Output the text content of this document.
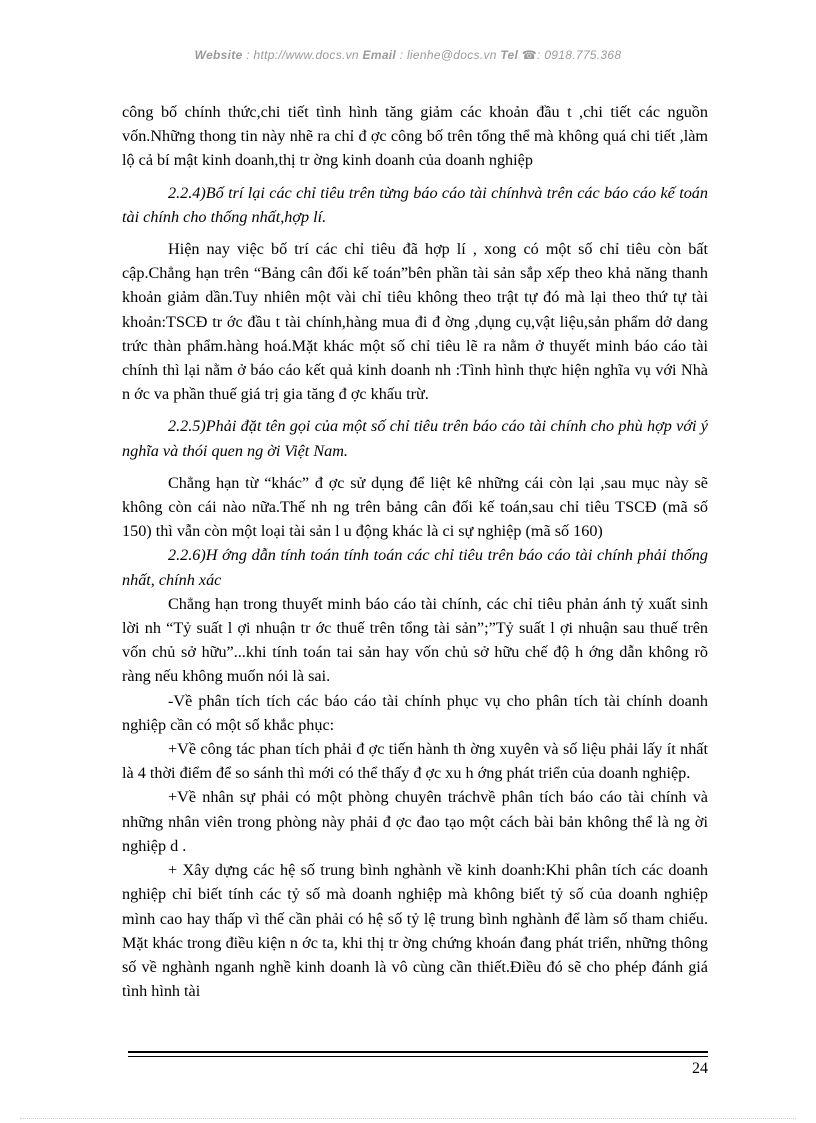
Website : http://www.docs.vn Email : lienhe@docs.vn Tel ☎: 0918.775.368

công bố chính thức,chi tiết tình hình tăng giảm các khoản đầu t ,chi tiết các nguồn vốn.Những thong tin này nhẽ ra chỉ đ ợc công bố trên tổng thể mà không quá chi tiết ,làm lộ cả bí mật kinh doanh,thị tr ờng kinh doanh của doanh nghiệp

2.2.4)Bố trí lại các chỉ tiêu trên từng báo cáo tài chínhvà trên các báo cáo kế toán tài chính cho thống nhất,hợp lí.

Hiện nay việc bố trí các chỉ tiêu đã hợp lí , xong có một số chỉ tiêu còn bất cập.Chẳng hạn trên “Bảng cân đối kế toán”bên phần tài sản sắp xếp theo khả năng thanh khoản giảm dần.Tuy nhiên một vài chỉ tiêu không theo trật tự đó mà lại theo thứ tự tài khoản:TSCĐ tr ớc đầu t tài chính,hàng mua đi đ ờng ,dụng cụ,vật liệu,sản phẩm dở dang trức thàn phẩm.hàng hoá.Mặt khác một số chỉ tiêu lẽ ra nằm ở thuyết minh báo cáo tài chính thì lại nằm ở báo cáo kết quả kinh doanh nh :Tình hình thực hiện nghĩa vụ với Nhà n ớc va phần thuế giá trị gia tăng đ ợc khấu trừ.

2.2.5)Phải đặt tên gọi của một số chỉ tiêu trên báo cáo tài chính cho phù hợp với ý nghĩa và thói quen ng ời Việt Nam.

Chẳng hạn từ “khác” đ ợc sử dụng để liệt kê những cái còn lại ,sau mục này sẽ không còn cái nào nữa.Thế nh ng trên bảng cân đối kế toán,sau chỉ tiêu TSCĐ (mã số 150) thì vẫn còn một loại tài sản l u động khác là ci sự nghiệp (mã số 160)

2.2.6)H ớng dẫn tính toán tính toán các chỉ tiêu trên báo cáo tài chính phải thống nhất, chính xác

Chẳng hạn trong thuyết minh báo cáo tài chính, các chỉ tiêu phản ánh tỷ xuất sinh lời nh “Tỷ suất l ợi nhuận tr ớc thuế trên tổng tài sản”;”Tỷ suất l ợi nhuận sau thuế trên vốn chủ sở hữu”...khi tính toán tai sản hay vốn chủ sở hữu chế độ h ớng dẫn không rõ ràng nếu không muốn nói là sai.

-Về phân tích tích các báo cáo tài chính phục vụ cho phân tích tài chính doanh nghiệp cần có một số khắc phục:

+Về công tác phan tích phải đ ợc tiến hành th ờng xuyên và số liệu phải lấy ít nhất là 4 thời điểm để so sánh thì mới có thể thấy đ ợc xu h ớng phát triển của doanh nghiệp.

+Về nhân sự phải có một phòng chuyên tráchvề phân tích báo cáo tài chính và những nhân viên trong phòng này phải đ ợc đao tạo một cách bài bản không thể là ng ời nghiệp d .

+ Xây dựng các hệ số trung bình nghành về kinh doanh:Khi phân tích các doanh nghiệp chỉ biết tính các tỷ số mà doanh nghiệp mà không biết tỷ số của doanh nghiệp mình cao hay thấp vì thế cần phải có hệ số tỷ lệ trung bình nghành để làm số tham chiếu. Mặt khác trong điều kiện n ớc ta, khi thị tr ờng chứng khoán đang phát triển, những thông số về nghành nganh nghề kinh doanh là vô cùng cần thiết.Điều đó sẽ cho phép đánh giá tình hình tài

24
